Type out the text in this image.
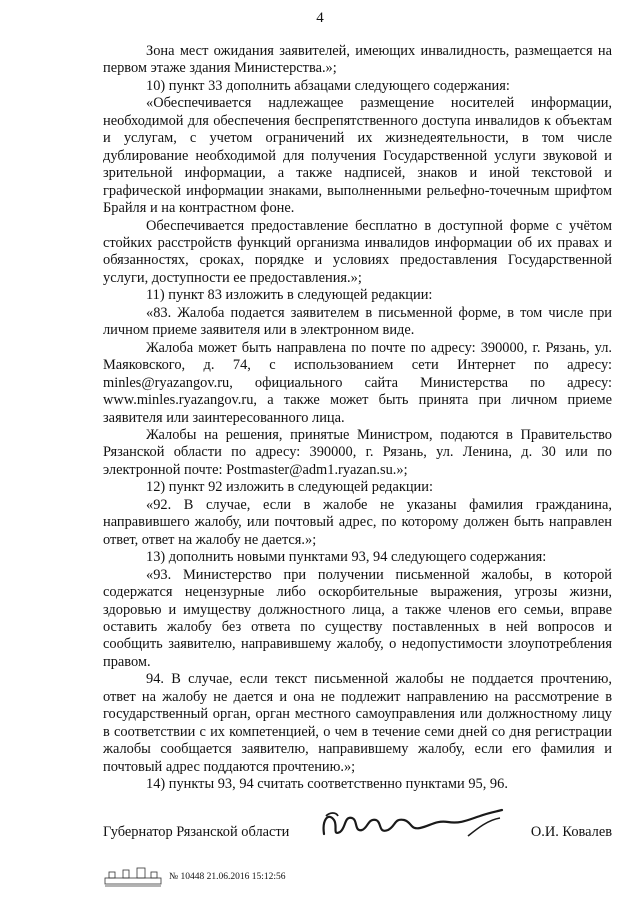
4

Зона мест ожидания заявителей, имеющих инвалидность, размещается на первом этаже здания Министерства.»;

10) пункт 33 дополнить абзацами следующего содержания:

«Обеспечивается надлежащее размещение носителей информации, необходимой для обеспечения беспрепятственного доступа инвалидов к объектам и услугам, с учетом ограничений их жизнедеятельности, в том числе дублирование необходимой для получения Государственной услуги звуковой и зрительной информации, а также надписей, знаков и иной текстовой и графической информации знаками, выполненными рельефно-точечным шрифтом Брайля и на контрастном фоне.

Обеспечивается предоставление бесплатно в доступной форме с учётом стойких расстройств функций организма инвалидов информации об их правах и обязанностях, сроках, порядке и условиях предоставления Государственной услуги, доступности ее предоставления.»;

11) пункт 83 изложить в следующей редакции:

«83. Жалоба подается заявителем в письменной форме, в том числе при личном приеме заявителя или в электронном виде.

Жалоба может быть направлена по почте по адресу: 390000, г. Рязань, ул. Маяковского, д. 74, с использованием сети Интернет по адресу: minles@ryazangov.ru, официального сайта Министерства по адресу: www.minles.ryazangov.ru, а также может быть принята при личном приеме заявителя или заинтересованного лица.

Жалобы на решения, принятые Министром, подаются в Правительство Рязанской области по адресу: 390000, г. Рязань, ул. Ленина, д. 30 или по электронной почте: Postmaster@adm1.ryazan.su.»;

12) пункт 92 изложить в следующей редакции:

«92. В случае, если в жалобе не указаны фамилия гражданина, направившего жалобу, или почтовый адрес, по которому должен быть направлен ответ, ответ на жалобу не дается.»;

13) дополнить новыми пунктами 93, 94 следующего содержания:

«93. Министерство при получении письменной жалобы, в которой содержатся нецензурные либо оскорбительные выражения, угрозы жизни, здоровью и имуществу должностного лица, а также членов его семьи, вправе оставить жалобу без ответа по существу поставленных в ней вопросов и сообщить заявителю, направившему жалобу, о недопустимости злоупотребления правом.

94. В случае, если текст письменной жалобы не поддается прочтению, ответ на жалобу не дается и она не подлежит направлению на рассмотрение в государственный орган, орган местного самоуправления или должностному лицу в соответствии с их компетенцией, о чем в течение семи дней со дня регистрации жалобы сообщается заявителю, направившему жалобу, если его фамилия и почтовый адрес поддаются прочтению.»;

14) пункты 93, 94 считать соответственно пунктами 95, 96.

Губернатор Рязанской области	О.И. Ковалев
№ 10448 21.06.2016 15:12:56
